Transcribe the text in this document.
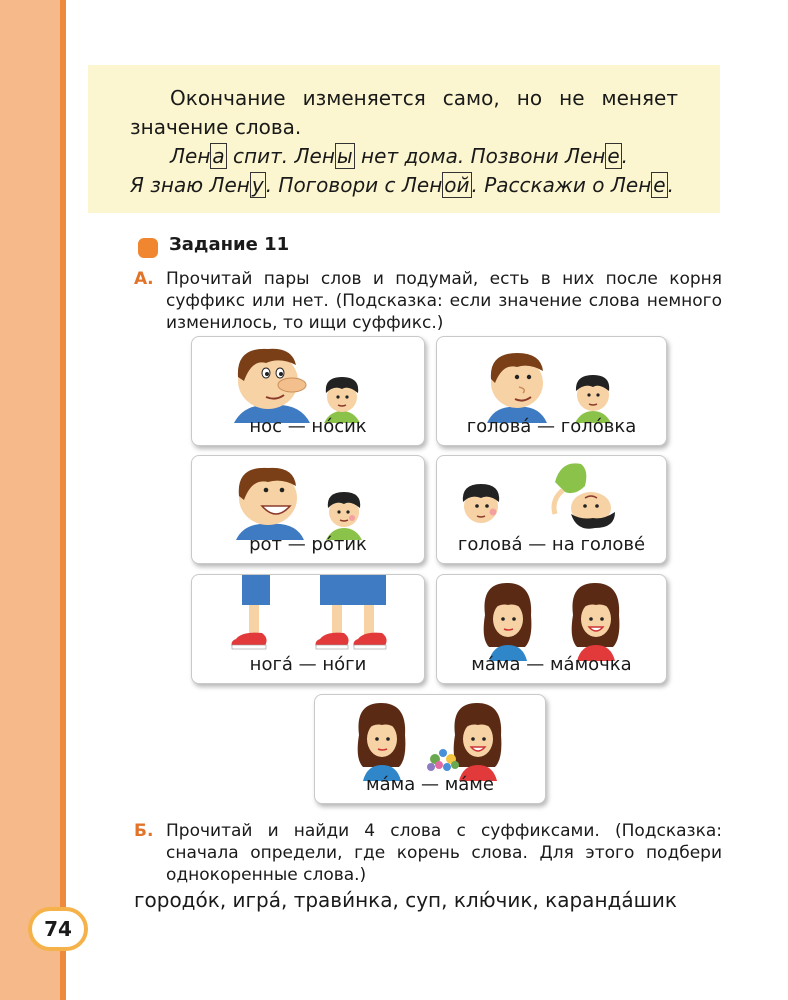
Окончание изменяется само, но не меняет значение слова.

Лен а спит. Лен ы нет дома. Позвони Лен е .

Я знаю Лен у . Поговори с Лен ой . Расскажи о Лен е .

Задание 11
А. Прочитай пары слов и подумай, есть в них после корня суффикс или нет. (Подсказка: если значение слова немного изменилось, то ищи суффикс.)
нос — но́сик	голова́ — голо́вка
рот — ро́тик	голова́ — на голове́
нога́ — но́ги	ма́ма — ма́мочка
ма́ма — ма́ме
Б. Прочитай и найди 4 слова с суффиксами. (Подсказка: сначала определи, где корень слова. Для этого подбери однокоренные слова.)
городо́к, игра́, трави́нка, суп, клю́чик, каранда́шик
74
